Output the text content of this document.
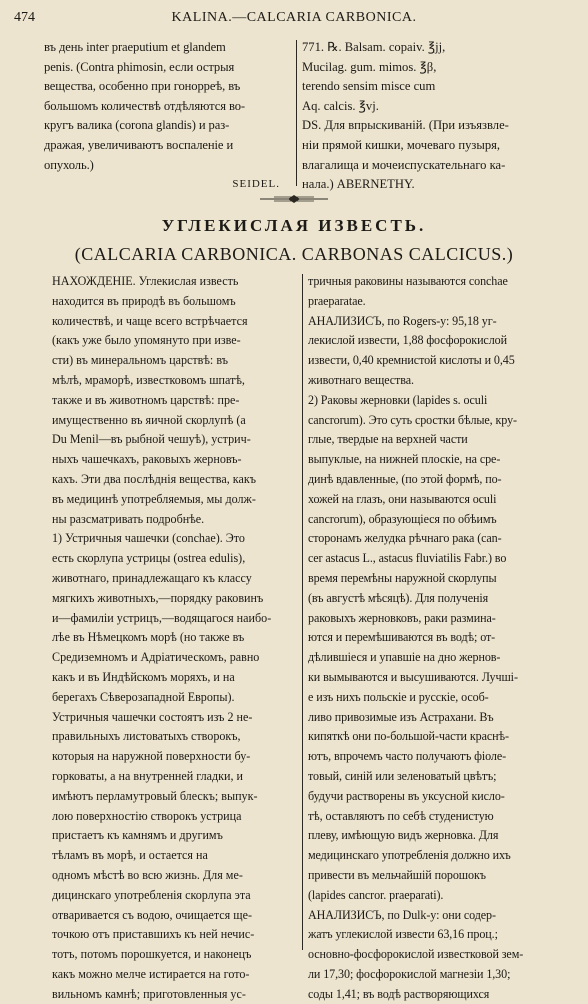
474	KALINA.—CALCARIA CARBONICA.
въ день inter praeputium et glandem
penis. (Contra phimosin, если острыя
вещества, особенно при гонорреѣ, въ
большомъ количествѣ отдѣляются во-
кругъ валика (corona glandis) и раз-
дражая, увеличиваютъ воспаленіе и
опухоль.)
SEIDEL.
771. ℞. Balsam. copaiv. ℥jj,
Mucilag. gum. mimos. ℥β,
terendo sensim misce cum
Aq. calcis. ℥vj.
DS. Для впрыскиваній. (При изъязвле-
ніи прямой кишки, мочеваго пузыря,
влагалища и мочеиспускательнаго ка-
нала.) ABERNETHY.
УГЛЕКИСЛАЯ ИЗВЕСТЬ.
(CALCARIA CARBONICA. CARBONAS CALCICUS.)
НАХОЖДЕНІЕ. Углекислая известь
находится въ природѣ въ большомъ
количествѣ, и чаще всего встрѣчается
(какъ уже было упомянуто при изве-
сти) въ минеральномъ царствѣ: въ
мѣлѣ, мраморѣ, известковомъ шпатѣ,
также и въ животномъ царствѣ: пре-
имущественно въ яичной скорлупѣ (a
Du Menil—въ рыбной чешуѣ), устрич-
ныхъ чашечкахъ, раковыхъ жерновъ-
кахъ. Эти два послѣднія вещества, какъ
въ медицинѣ употребляемыя, мы долж-
ны разсматривать подробнѣе.
1) Устричныя чашечки (conchae). Это
есть скорлупа устрицы (ostrea edulis),
животнаго, принадлежащаго къ классу
мягкихъ животныхъ,—порядку раковинъ
и—фамиліи устрицъ,—водящагося наибо-
лѣе въ Нѣмецкомъ морѣ (но также въ
Средиземномъ и Адріатическомъ, равно
какъ и въ Индѣйскомъ моряхъ, и на
берегахъ Сѣверозападной Европы).
Устричныя чашечки состоятъ изъ 2 не-
правильныхъ листоватыхъ створокъ,
которыя на наружной поверхности бу-
горковаты, а на внутренней гладки, и
имѣютъ перламутровый блескъ; выпук-
лою поверхностію створокъ устрица
пристаетъ къ камнямъ и другимъ
тѣламъ въ морѣ, и остается на
одномъ мѣстѣ во всю жизнь. Для ме-
дицинскаго употребленія скорлупа эта
отваривается съ водою, очищается ще-
точкою отъ приставшихъ къ ней нечис-
тотъ, потомъ порошкуется, и наконецъ
какъ можно мелче истирается на гото-
вильномъ камнѣ; приготовленныя ус-
тричныя раковины называются conchae
praeparatae.
АНАЛИЗИСЪ, по Rogers-у: 95,18 уг-
лекислой извести, 1,88 фосфорокислой
извести, 0,40 кремнистой кислоты и 0,45
животнаго вещества.
2) Раковы жерновки (lapides s. oculi
cancrorum). Это суть сростки бѣлые, кру-
глые, твердые на верхней части
выпуклые, на нижней плоскіе, на сре-
динѣ вдавленные, (по этой формѣ, по-
хожей на глазъ, они называются oculi
cancrorum), образующіеся по обѣимъ
сторонамъ желудка рѣчнаго рака (can-
cer astacus L., astacus fluviatilis Fabr.) во
время перемѣны наружной скорлупы
(въ августѣ мѣсяцѣ). Для полученія
раковыхъ жерновковъ, раки размина-
ются и перемѣшиваются въ водѣ; от-
дѣлившіеся и упавшіе на дно жернов-
ки вымываются и высушиваются. Лучші-
е изъ нихъ польскіе и русскіе, особ-
ливо привозимые изъ Астрахани. Въ
кипяткѣ они по-большой-части краснѣ-
ютъ, впрочемъ часто получаютъ фіоле-
товый, синій или зеленоватый цвѣтъ;
будучи растворены въ уксусной кисло-
тѣ, оставляютъ по себѣ студенистую
плеву, имѣющую видъ жерновка. Для
медицинскаго употребленія должно ихъ
привести въ мельчайшій порошокъ
(lapides cancror. praeparati).
АНАЛИЗИСЪ, по Dulk-у: они содер-
жатъ углекислой извести 63,16 проц.;
основно-фосфорокислой известковой зем-
ли 17,30; фосфорокислой магнезіи 1,30;
соды 1,41; въ водѣ растворяющихся
